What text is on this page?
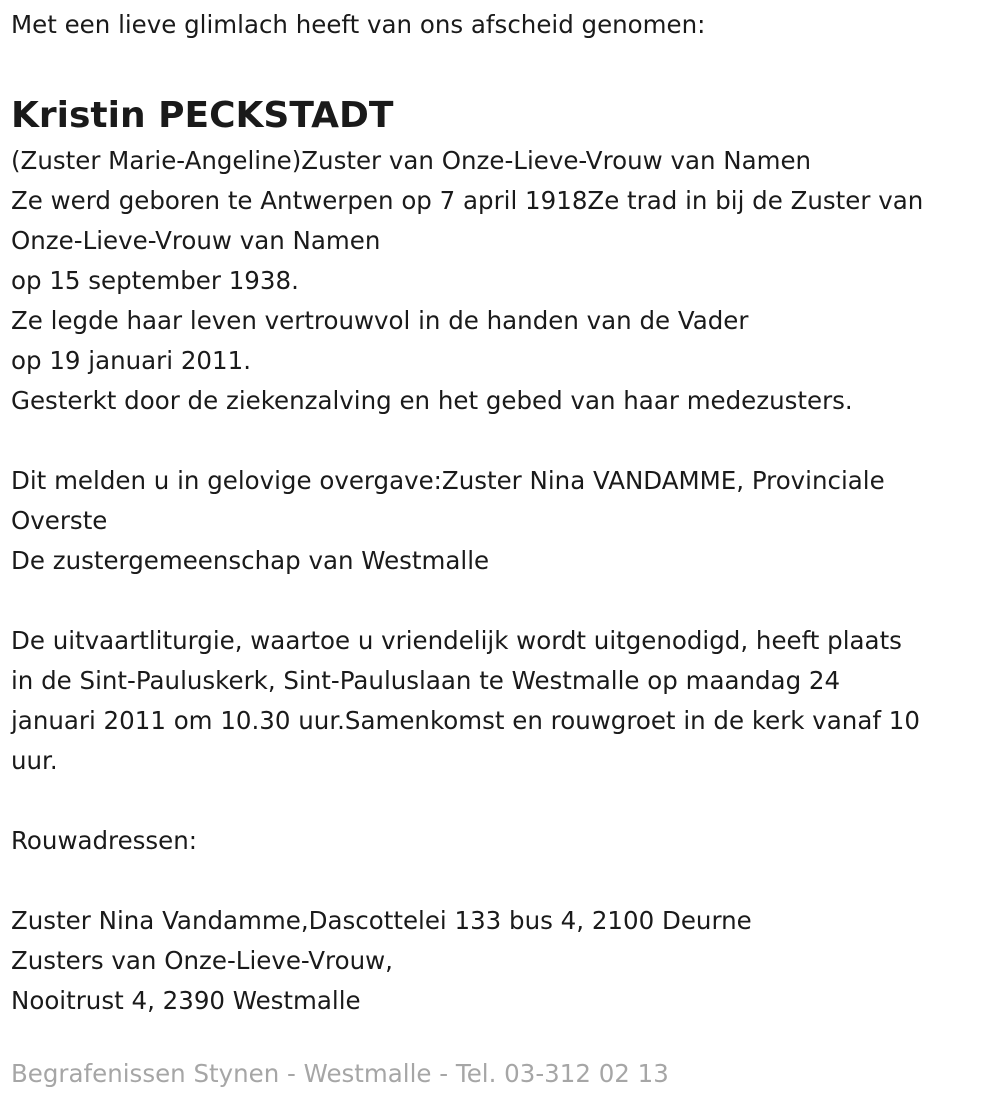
Met een lieve glimlach heeft van ons afscheid genomen:

Kristin PECKSTADT

(Zuster Marie-Angeline)Zuster van Onze-Lieve-Vrouw van Namen

Ze werd geboren te Antwerpen op 7 april 1918Ze trad in bij de Zuster van

Onze-Lieve-Vrouw van Namen

op 15 september 1938.

Ze legde haar leven vertrouwvol in de handen van de Vader

op 19 januari 2011.

Gesterkt door de ziekenzalving en het gebed van haar medezusters.

Dit melden u in gelovige overgave:Zuster Nina VANDAMME, Provinciale

Overste

De zustergemeenschap van Westmalle

De uitvaartliturgie, waartoe u vriendelijk wordt uitgenodigd, heeft plaats

in de Sint-Pauluskerk, Sint-Pauluslaan te Westmalle op maandag 24

januari 2011 om 10.30 uur.Samenkomst en rouwgroet in de kerk vanaf 10

uur.

Rouwadressen:

Zuster Nina Vandamme,Dascottelei 133 bus 4, 2100 Deurne

Zusters van Onze-Lieve-Vrouw,

Nooitrust 4, 2390 Westmalle

Begrafenissen Stynen - Westmalle - Tel. 03-312 02 13
